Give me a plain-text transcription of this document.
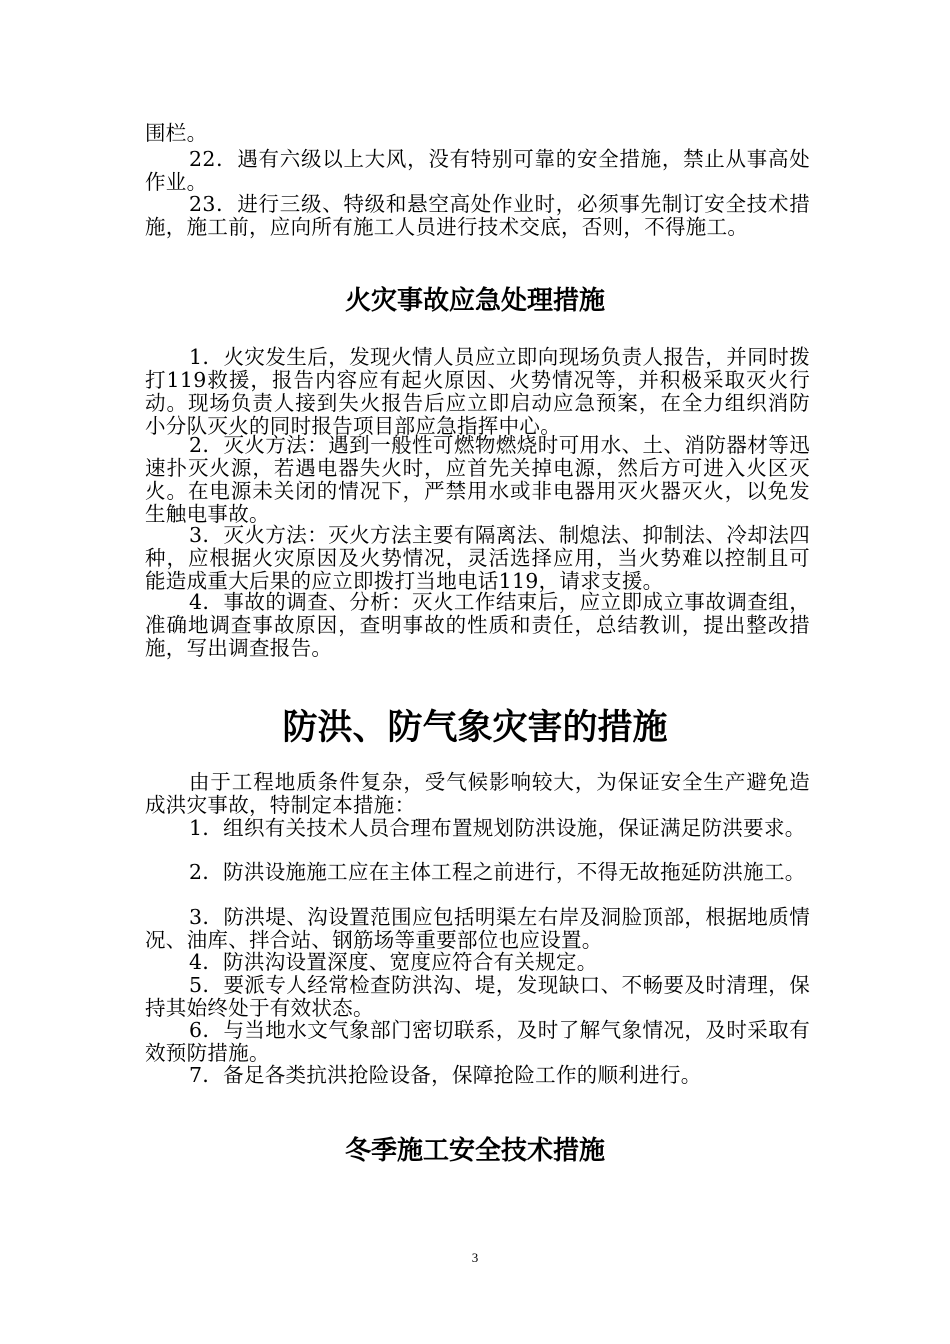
围栏。

22．遇有六级以上大风，没有特别可靠的安全措施，禁止从事高处作业。

23．进行三级、特级和悬空高处作业时，必须事先制订安全技术措施，施工前，应向所有施工人员进行技术交底，否则，不得施工。

火灾事故应急处理措施

1．火灾发生后，发现火情人员应立即向现场负责人报告，并同时拨打119救援，报告内容应有起火原因、火势情况等，并积极采取灭火行动。现场负责人接到失火报告后应立即启动应急预案，在全力组织消防小分队灭火的同时报告项目部应急指挥中心。

2．灭火方法：遇到一般性可燃物燃烧时可用水、土、消防器材等迅速扑灭火源，若遇电器失火时，应首先关掉电源，然后方可进入火区灭火。在电源未关闭的情况下，严禁用水或非电器用灭火器灭火，以免发生触电事故。

3．灭火方法：灭火方法主要有隔离法、制熄法、抑制法、冷却法四种，应根据火灾原因及火势情况，灵活选择应用，当火势难以控制且可能造成重大后果的应立即拨打当地电话119，请求支援。

4．事故的调查、分析：灭火工作结束后，应立即成立事故调查组，准确地调查事故原因，查明事故的性质和责任，总结教训，提出整改措施，写出调查报告。

防洪、防气象灾害的措施

由于工程地质条件复杂，受气候影响较大，为保证安全生产避免造成洪灾事故，特制定本措施：

1．组织有关技术人员合理布置规划防洪设施，保证满足防洪要求。

2．防洪设施施工应在主体工程之前进行，不得无故拖延防洪施工。

3．防洪堤、沟设置范围应包括明渠左右岸及洞脸顶部，根据地质情况、油库、拌合站、钢筋场等重要部位也应设置。

4．防洪沟设置深度、宽度应符合有关规定。

5．要派专人经常检查防洪沟、堤，发现缺口、不畅要及时清理，保持其始终处于有效状态。

6．与当地水文气象部门密切联系，及时了解气象情况，及时采取有效预防措施。

7．备足各类抗洪抢险设备，保障抢险工作的顺利进行。

冬季施工安全技术措施
3
